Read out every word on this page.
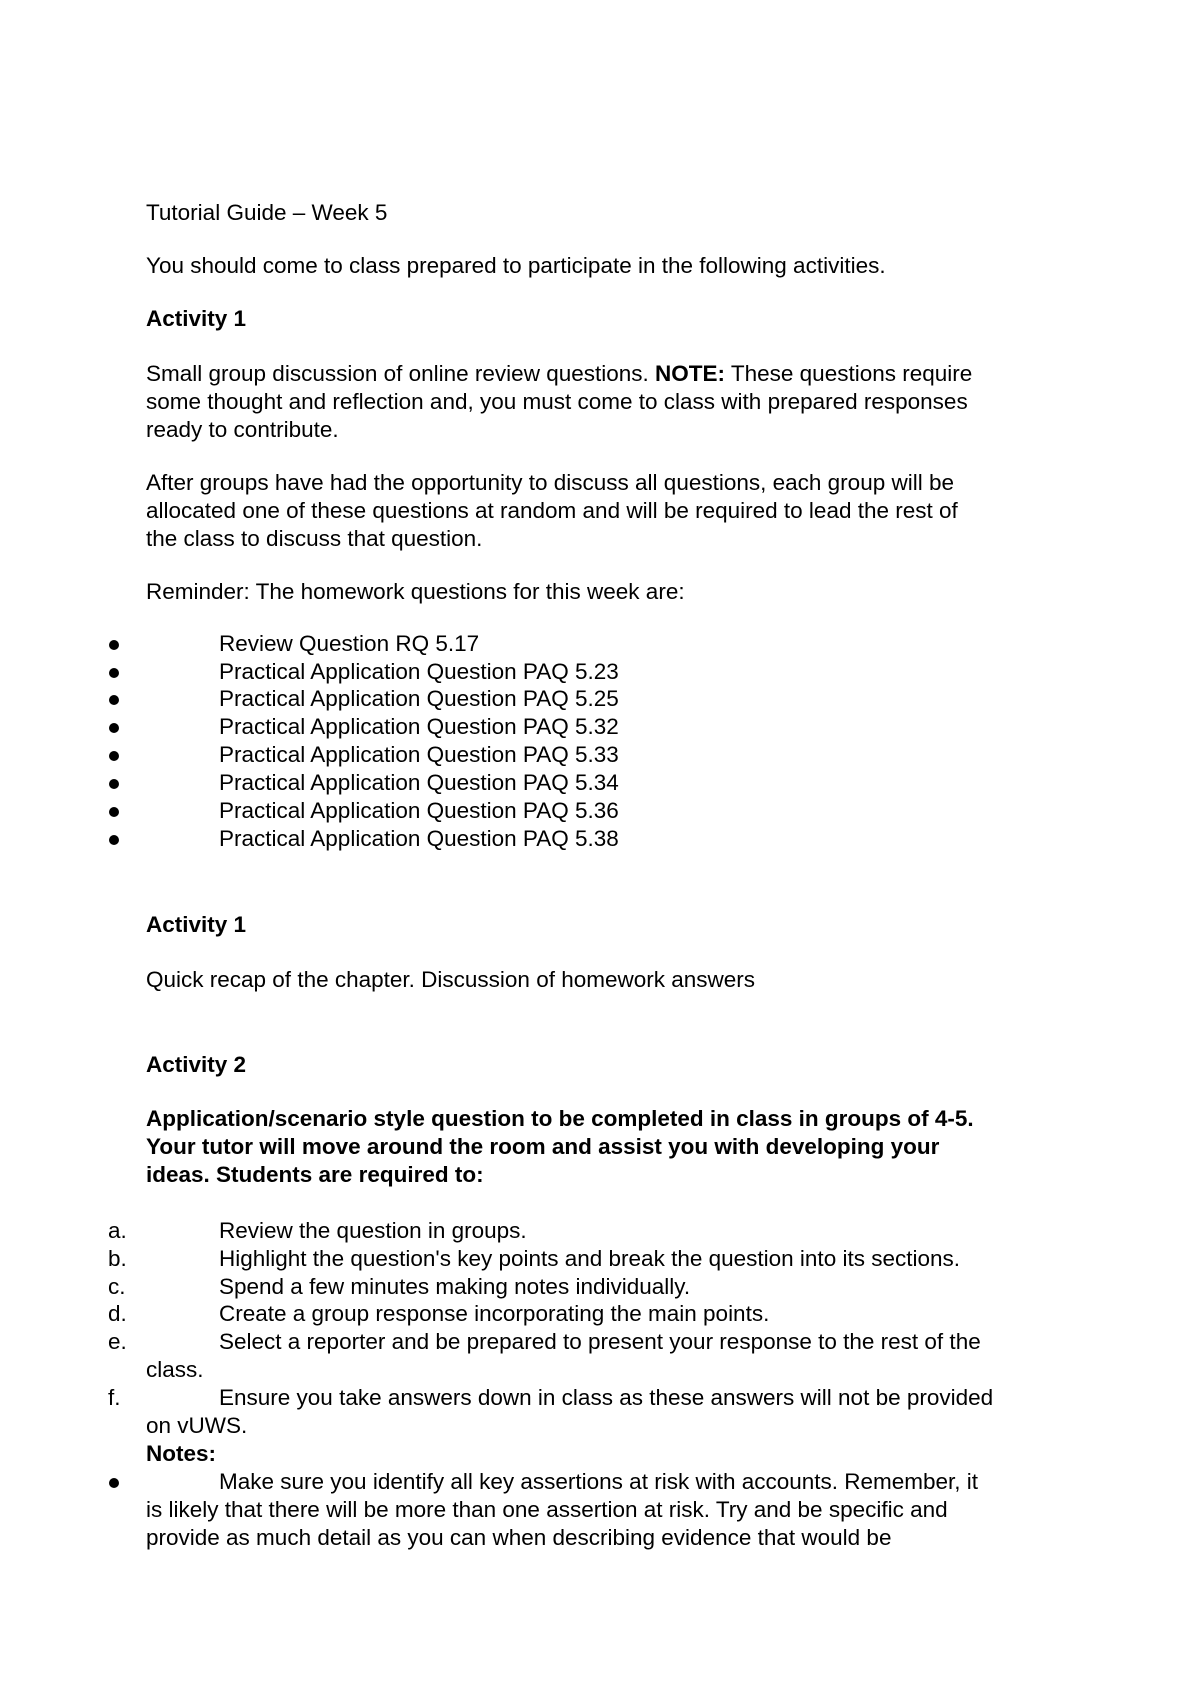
Tutorial Guide – Week 5
You should come to class prepared to participate in the following activities.
Activity 1
Small group discussion of online review questions. NOTE: These questions require
some thought and reflection and, you must come to class with prepared responses
ready to contribute.
After groups have had the opportunity to discuss all questions, each group will be
allocated one of these questions at random and will be required to lead the rest of
the class to discuss that question.
Reminder: The homework questions for this week are:
Review Question RQ 5.17
Practical Application Question PAQ 5.23
Practical Application Question PAQ 5.25
Practical Application Question PAQ 5.32
Practical Application Question PAQ 5.33
Practical Application Question PAQ 5.34
Practical Application Question PAQ 5.36
Practical Application Question PAQ 5.38
Activity 1
Quick recap of the chapter. Discussion of homework answers
Activity 2
Application/scenario style question to be completed in class in groups of 4-5.
Your tutor will move around the room and assist you with developing your
ideas. Students are required to:
a.	Review the question in groups.
b.	Highlight the question's key points and break the question into its sections.
c.	Spend a few minutes making notes individually.
d.	Create a group response incorporating the main points.
e.	Select a reporter and be prepared to present your response to the rest of the
class.
f.	Ensure you take answers down in class as these answers will not be provided
on vUWS.
Notes:
Make sure you identify all key assertions at risk with accounts. Remember, it
is likely that there will be more than one assertion at risk. Try and be specific and
provide as much detail as you can when describing evidence that would be
